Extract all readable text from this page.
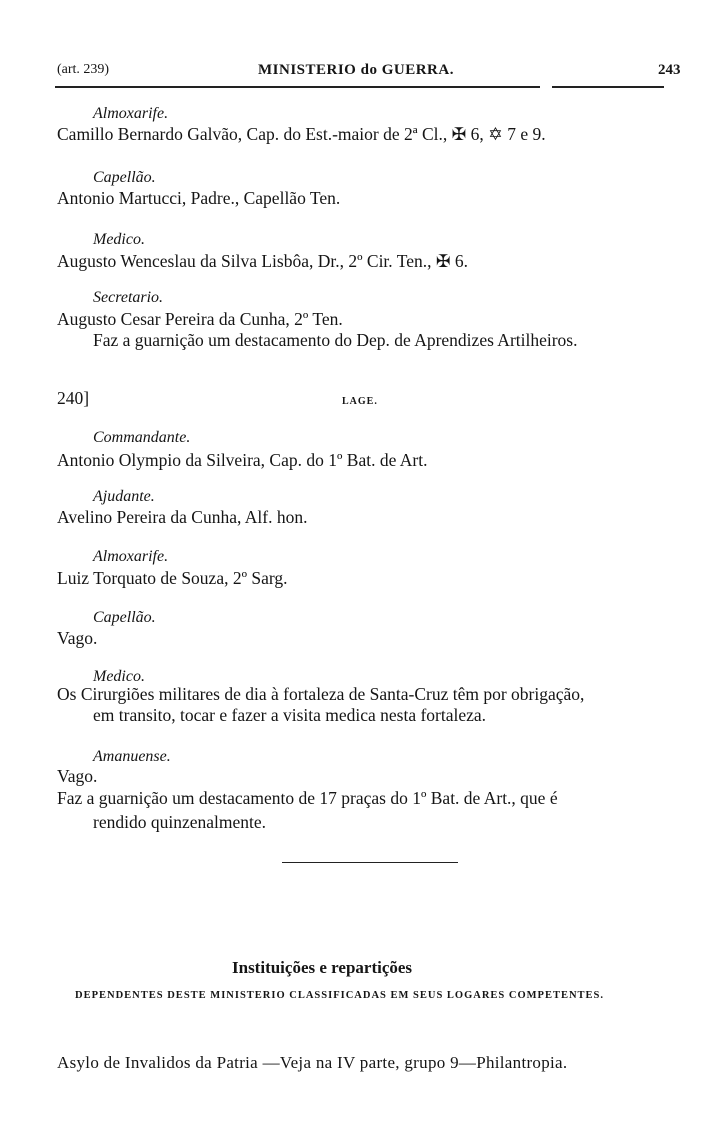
(art. 239)	MINISTERIO do GUERRA.	243
Almoxarife.
Camillo Bernardo Galvão, Cap. do Est.-maior de 2ª Cl., ✠ 6, ✡ 7 e 9.
Capellão.
Antonio Martucci, Padre., Capellão Ten.
Medico.
Augusto Wenceslau da Silva Lisbôa, Dr., 2º Cir. Ten., ✠ 6.
Secretario.
Augusto Cesar Pereira da Cunha, 2º Ten.
Faz a guarnição um destacamento do Dep. de Aprendizes Artilheiros.
240]	LAGE.
Commandante.
Antonio Olympio da Silveira, Cap. do 1º Bat. de Art.
Ajudante.
Avelino Pereira da Cunha, Alf. hon.
Almoxarife.
Luiz Torquato de Souza, 2º Sarg.
Capellão.
Vago.
Medico.
Os Cirurgiões militares de dia à fortaleza de Santa-Cruz têm por obrigação,
em transito, tocar e fazer a visita medica nesta fortaleza.
Amanuense.
Vago.
Faz a guarnição um destacamento de 17 praças do 1º Bat. de Art., que é
rendido quinzenalmente.
Instituições e repartições
DEPENDENTES DESTE MINISTERIO CLASSIFICADAS EM SEUS LOGARES COMPETENTES.
Asylo de Invalidos da Patria —Veja na IV parte, grupo 9—Philantropia.
